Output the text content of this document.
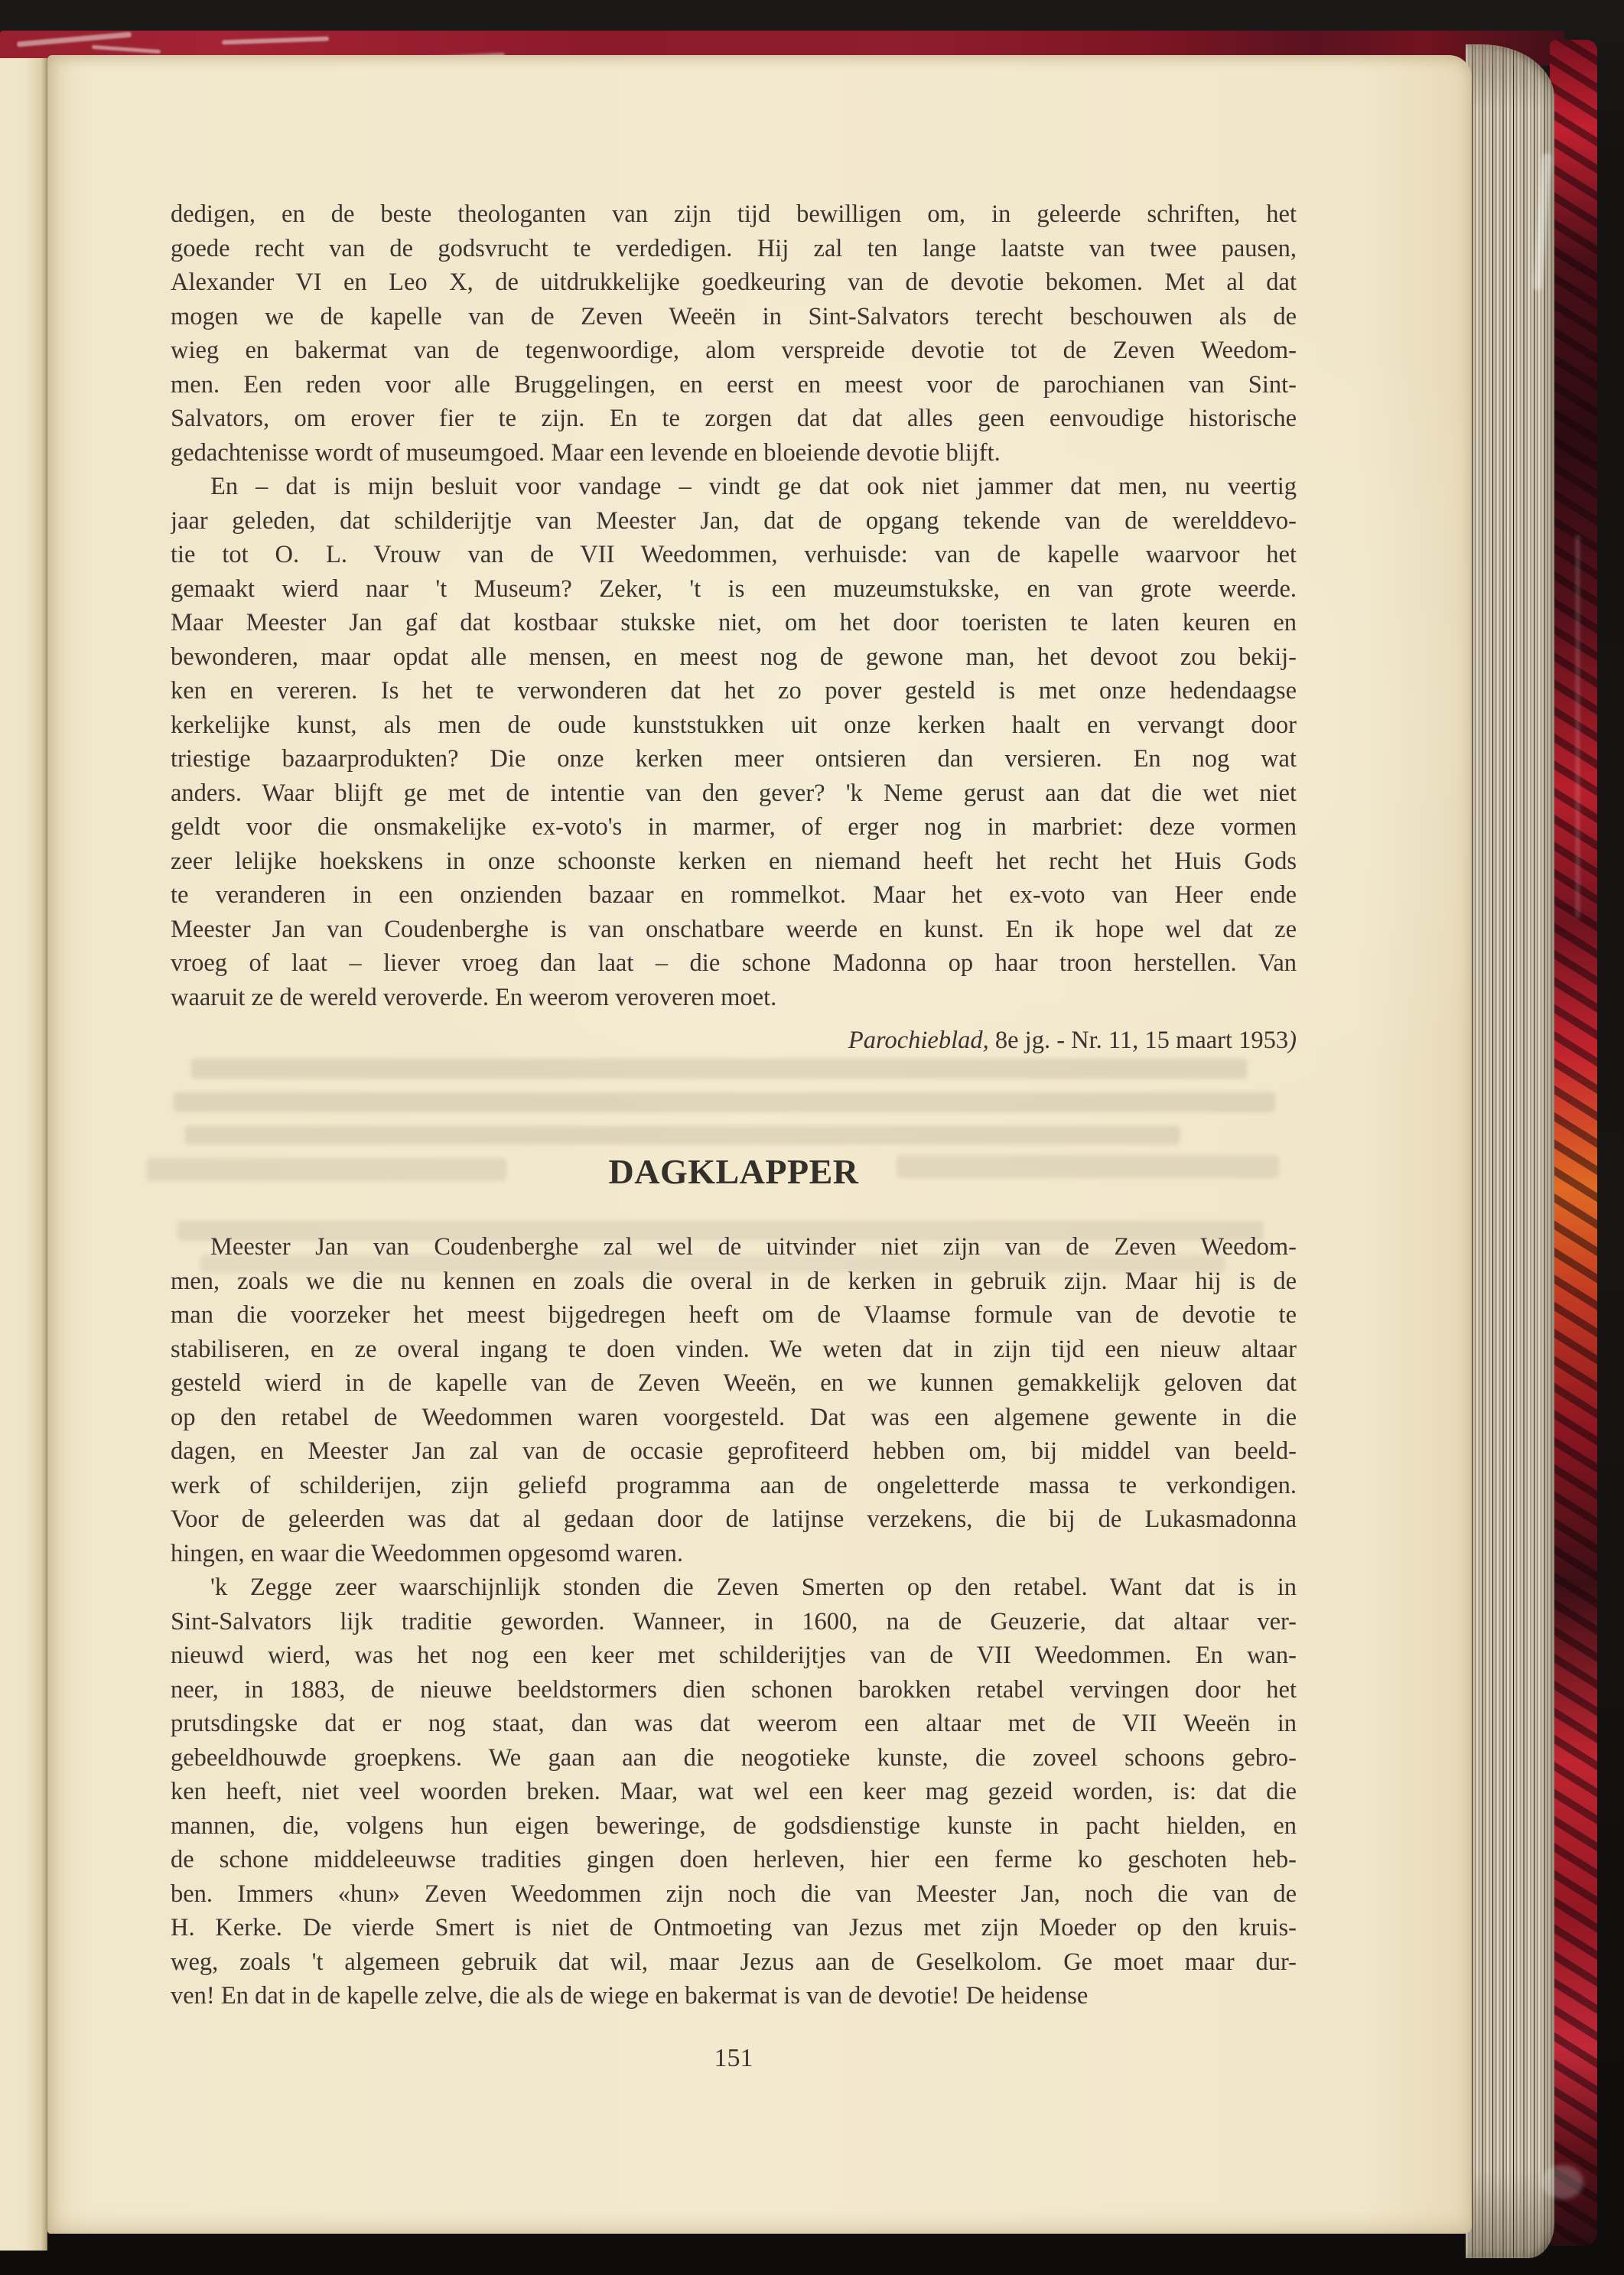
dedigen, en de beste theologanten van zijn tijd bewilligen om, in geleerde schriften, het
goede recht van de godsvrucht te verdedigen. Hij zal ten lange laatste van twee pausen,
Alexander VI en Leo X, de uitdrukkelijke goedkeuring van de devotie bekomen. Met al dat
mogen we de kapelle van de Zeven Weeën in Sint-Salvators terecht beschouwen als de
wieg en bakermat van de tegenwoordige, alom verspreide devotie tot de Zeven Weedom-
men. Een reden voor alle Bruggelingen, en eerst en meest voor de parochianen van Sint-
Salvators, om erover fier te zijn. En te zorgen dat dat alles geen eenvoudige historische
gedachtenisse wordt of museumgoed. Maar een levende en bloeiende devotie blijft.
En – dat is mijn besluit voor vandage – vindt ge dat ook niet jammer dat men, nu veertig
jaar geleden, dat schilderijtje van Meester Jan, dat de opgang tekende van de werelddevo-
tie tot O. L. Vrouw van de VII Weedommen, verhuisde: van de kapelle waarvoor het
gemaakt wierd naar 't Museum? Zeker, 't is een muzeumstukske, en van grote weerde.
Maar Meester Jan gaf dat kostbaar stukske niet, om het door toeristen te laten keuren en
bewonderen, maar opdat alle mensen, en meest nog de gewone man, het devoot zou bekij-
ken en vereren. Is het te verwonderen dat het zo pover gesteld is met onze hedendaagse
kerkelijke kunst, als men de oude kunststukken uit onze kerken haalt en vervangt door
triestige bazaarprodukten? Die onze kerken meer ontsieren dan versieren. En nog wat
anders. Waar blijft ge met de intentie van den gever? 'k Neme gerust aan dat die wet niet
geldt voor die onsmakelijke ex-voto's in marmer, of erger nog in marbriet: deze vormen
zeer lelijke hoekskens in onze schoonste kerken en niemand heeft het recht het Huis Gods
te veranderen in een onzienden bazaar en rommelkot. Maar het ex-voto van Heer ende
Meester Jan van Coudenberghe is van onschatbare weerde en kunst. En ik hope wel dat ze
vroeg of laat – liever vroeg dan laat – die schone Madonna op haar troon herstellen. Van
waaruit ze de wereld veroverde. En weerom veroveren moet.

Parochieblad, 8e jg. - Nr. 11, 15 maart 1953)

DAGKLAPPER
Meester Jan van Coudenberghe zal wel de uitvinder niet zijn van de Zeven Weedom-
men, zoals we die nu kennen en zoals die overal in de kerken in gebruik zijn. Maar hij is de
man die voorzeker het meest bijgedregen heeft om de Vlaamse formule van de devotie te
stabiliseren, en ze overal ingang te doen vinden. We weten dat in zijn tijd een nieuw altaar
gesteld wierd in de kapelle van de Zeven Weeën, en we kunnen gemakkelijk geloven dat
op den retabel de Weedommen waren voorgesteld. Dat was een algemene gewente in die
dagen, en Meester Jan zal van de occasie geprofiteerd hebben om, bij middel van beeld-
werk of schilderijen, zijn geliefd programma aan de ongeletterde massa te verkondigen.
Voor de geleerden was dat al gedaan door de latijnse verzekens, die bij de Lukasmadonna
hingen, en waar die Weedommen opgesomd waren.
'k Zegge zeer waarschijnlijk stonden die Zeven Smerten op den retabel. Want dat is in
Sint-Salvators lijk traditie geworden. Wanneer, in 1600, na de Geuzerie, dat altaar ver-
nieuwd wierd, was het nog een keer met schilderijtjes van de VII Weedommen. En wan-
neer, in 1883, de nieuwe beeldstormers dien schonen barokken retabel vervingen door het
prutsdingske dat er nog staat, dan was dat weerom een altaar met de VII Weeën in
gebeeldhouwde groepkens. We gaan aan die neogotieke kunste, die zoveel schoons gebro-
ken heeft, niet veel woorden breken. Maar, wat wel een keer mag gezeid worden, is: dat die
mannen, die, volgens hun eigen beweringe, de godsdienstige kunste in pacht hielden, en
de schone middeleeuwse tradities gingen doen herleven, hier een ferme ko geschoten heb-
ben. Immers «hun» Zeven Weedommen zijn noch die van Meester Jan, noch die van de
H. Kerke. De vierde Smert is niet de Ontmoeting van Jezus met zijn Moeder op den kruis-
weg, zoals 't algemeen gebruik dat wil, maar Jezus aan de Geselkolom. Ge moet maar dur-
ven! En dat in de kapelle zelve, die als de wiege en bakermat is van de devotie! De heidense
151
